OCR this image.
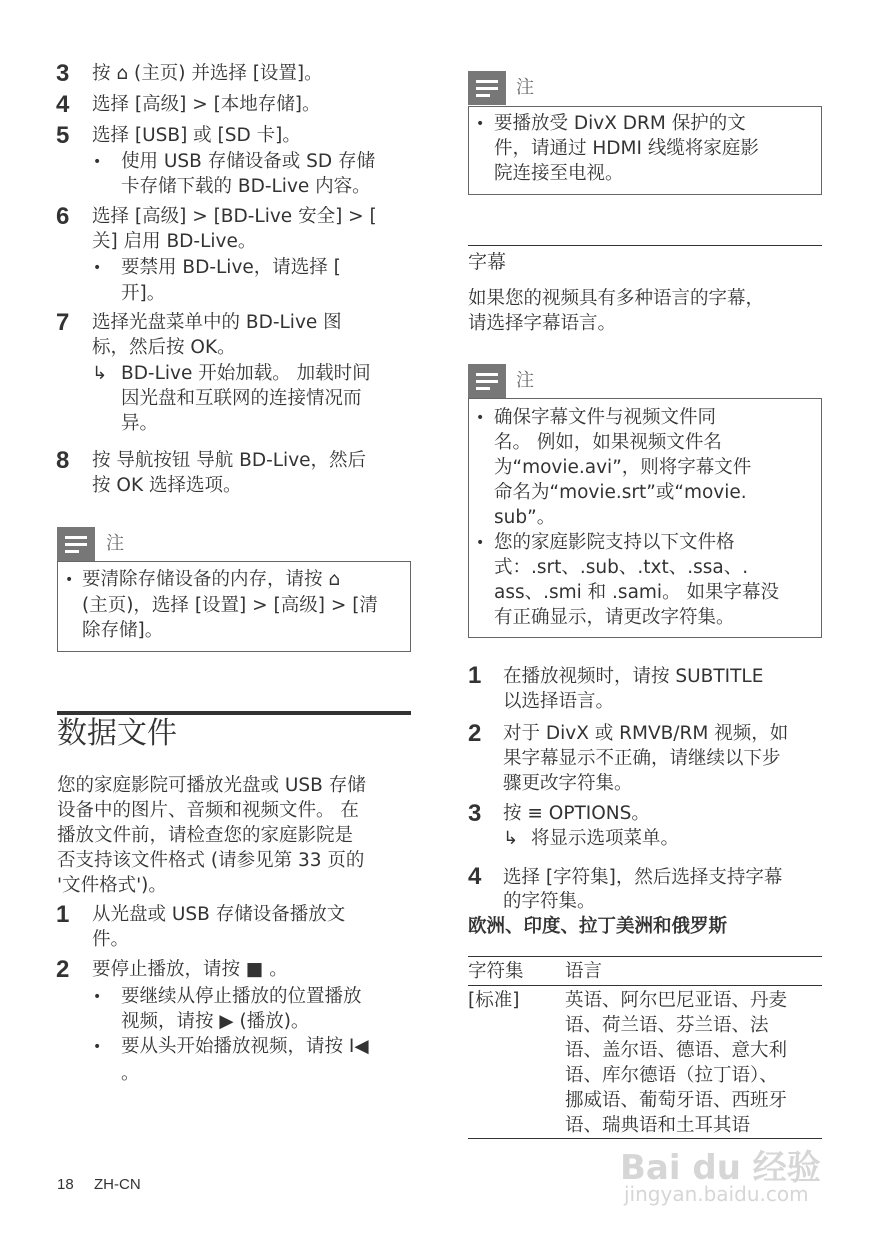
3 按 ⌂ (主页) 并选择 [设置]。
4 选择 [高级] > [本地存储]。
5 选择 [USB] 或 [SD 卡]。
• 使用 USB 存储设备或 SD 存储
卡存储下载的 BD-Live 内容。
6 选择 [高级] > [BD-Live 安全] > [
关] 启用 BD-Live。
• 要禁用 BD-Live，请选择 [
开]。
7 选择光盘菜单中的 BD-Live 图
标，然后按 OK。
↳ BD-Live 开始加载。 加载时间
因光盘和互联网的连接情况而
异。
8 按 导航按钮 导航 BD-Live，然后
按 OK 选择选项。
注
• 要清除存储设备的内存，请按 ⌂
(主页)，选择 [设置] > [高级] > [清
除存储]。
数据文件
您的家庭影院可播放光盘或 USB 存储
设备中的图片、音频和视频文件。 在
播放文件前，请检查您的家庭影院是
否支持该文件格式 (请参见第 33 页的
'文件格式')。
1 从光盘或 USB 存储设备播放文
件。
2 要停止播放，请按 ■ 。
• 要继续从停止播放的位置播放
视频，请按 ▶ (播放)。
• 要从头开始播放视频，请按 I◀
。
注
• 要播放受 DivX DRM 保护的文
件，请通过 HDMI 线缆将家庭影
院连接至电视。
字幕
如果您的视频具有多种语言的字幕，
请选择字幕语言。
注
• 确保字幕文件与视频文件同
名。 例如，如果视频文件名
为“movie.avi”，则将字幕文件
命名为“movie.srt”或“movie.
sub”。
• 您的家庭影院支持以下文件格
式：.srt、.sub、.txt、.ssa、.
ass、.smi 和 .sami。 如果字幕没
有正确显示，请更改字符集。
1 在播放视频时，请按 SUBTITLE
以选择语言。
2 对于 DivX 或 RMVB/RM 视频，如
果字幕显示不正确，请继续以下步
骤更改字符集。
3 按 ≡ OPTIONS。
↳ 将显示选项菜单。
4 选择 [字符集]，然后选择支持字幕
的字符集。
欧洲、印度、拉丁美洲和俄罗斯
字符集 语言
[标准] 英语、阿尔巴尼亚语、丹麦
语、荷兰语、芬兰语、法
语、盖尔语、德语、意大利
语、库尔德语（拉丁语）、
挪威语、葡萄牙语、西班牙
语、瑞典语和土耳其语
18 ZH-CN	Bai du 经验
jingyan.baidu.com
